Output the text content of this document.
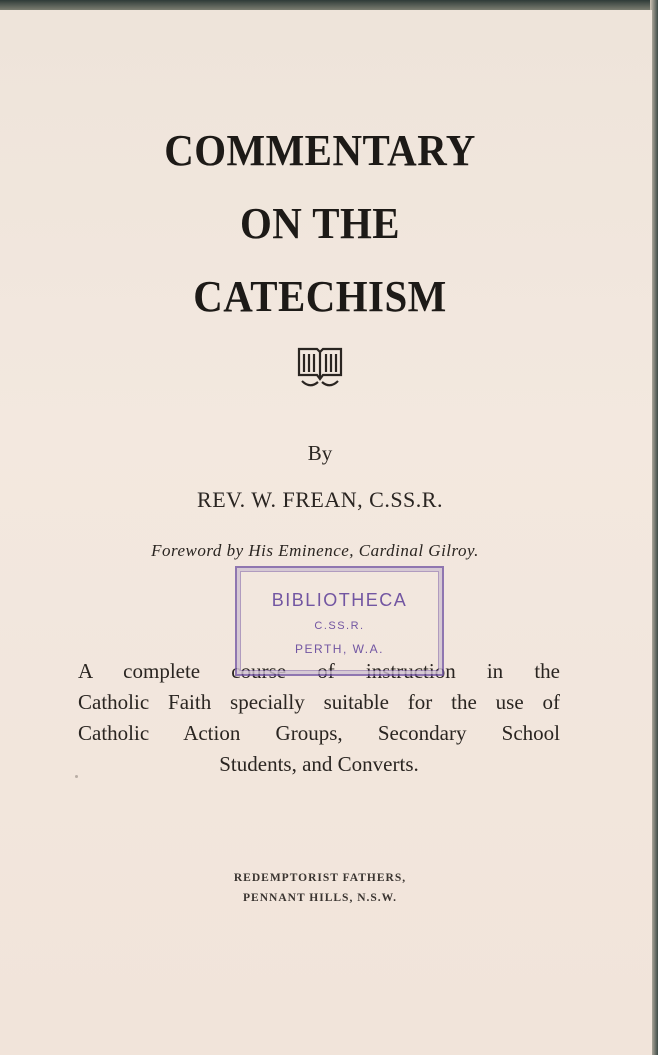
COMMENTARY
ON THE
CATECHISM
By
REV. W. FREAN, C.SS.R.
Foreword by His Eminence, Cardinal Gilroy.
A complete course of instruction in the
Catholic Faith specially suitable for the use of
Catholic Action Groups, Secondary School
Students, and Converts.
BIBLIOTHECA
C.SS.R.
PERTH, W.A.
REDEMPTORIST FATHERS,
PENNANT HILLS, N.S.W.
